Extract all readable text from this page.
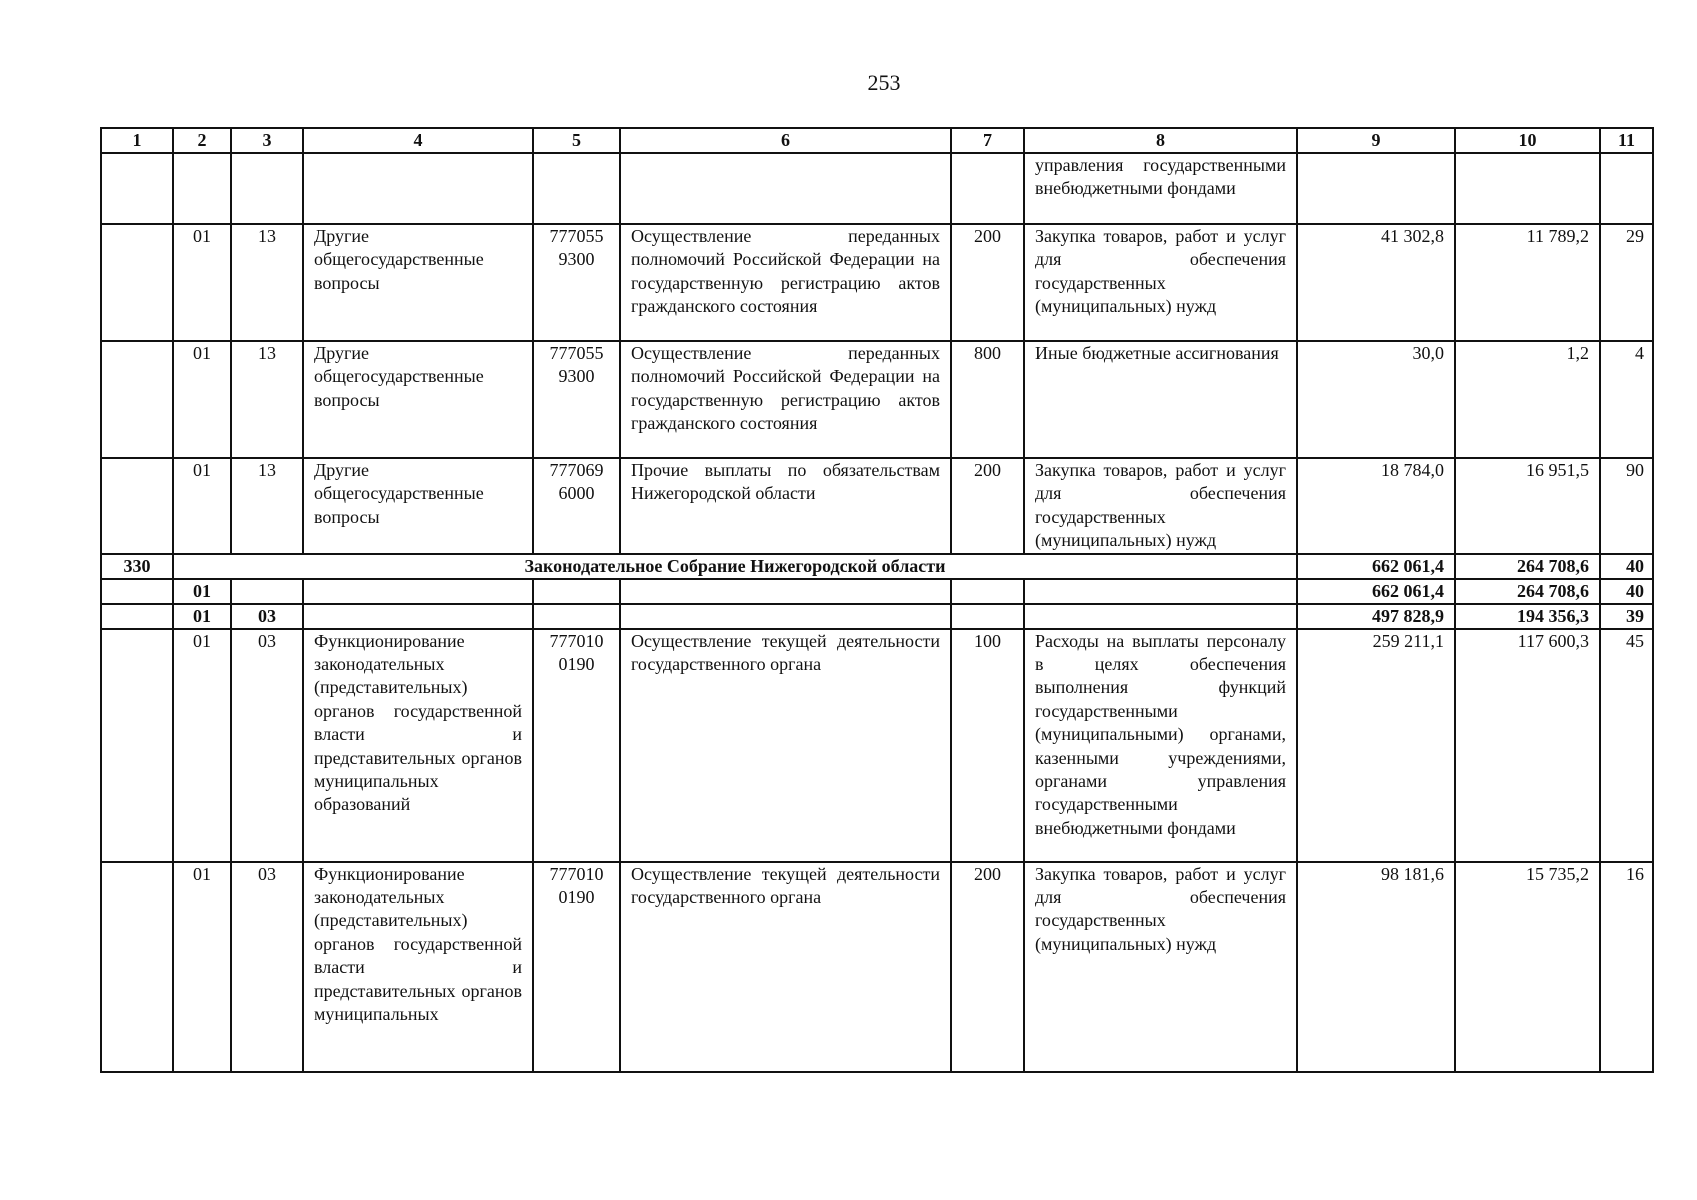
253
1	2	3	4	5	6	7	8	9	10	11

							управления государственными внебюджетными фондами			

	01	13	Другие общегосударственные вопросы	777055 9300	Осуществление переданных полномочий Российской Федерации на государственную регистрацию актов гражданского состояния	200	Закупка товаров, работ и услуг для обеспечения государственных (муниципальных) нужд	41 302,8	11 789,2	29

	01	13	Другие общегосударственные вопросы	777055 9300	Осуществление переданных полномочий Российской Федерации на государственную регистрацию актов гражданского состояния	800	Иные бюджетные ассигнования	30,0	1,2	4

	01	13	Другие общегосударственные вопросы	777069 6000	Прочие выплаты по обязательствам Нижегородской области	200	Закупка товаров, работ и услуг для обеспечения государственных (муниципальных) нужд	18 784,0	16 951,5	90

330	Законодательное Собрание Нижегородской области							662 061,4	264 708,6	40

	01							662 061,4	264 708,6	40

	01	03						497 828,9	194 356,3	39

	01	03	Функционирование законодательных (представительных) органов государственной власти и представительных органов муниципальных образований	777010 0190	Осуществление текущей деятельности государственного органа	100	Расходы на выплаты персоналу в целях обеспечения выполнения функций государственными (муниципальными) органами, казенными учреждениями, органами управления государственными внебюджетными фондами	259 211,1	117 600,3	45

	01	03	Функционирование законодательных (представительных) органов государственной власти и представительных органов муниципальных	777010 0190	Осуществление текущей деятельности государственного органа	200	Закупка товаров, работ и услуг для обеспечения государственных (муниципальных) нужд	98 181,6	15 735,2	16
